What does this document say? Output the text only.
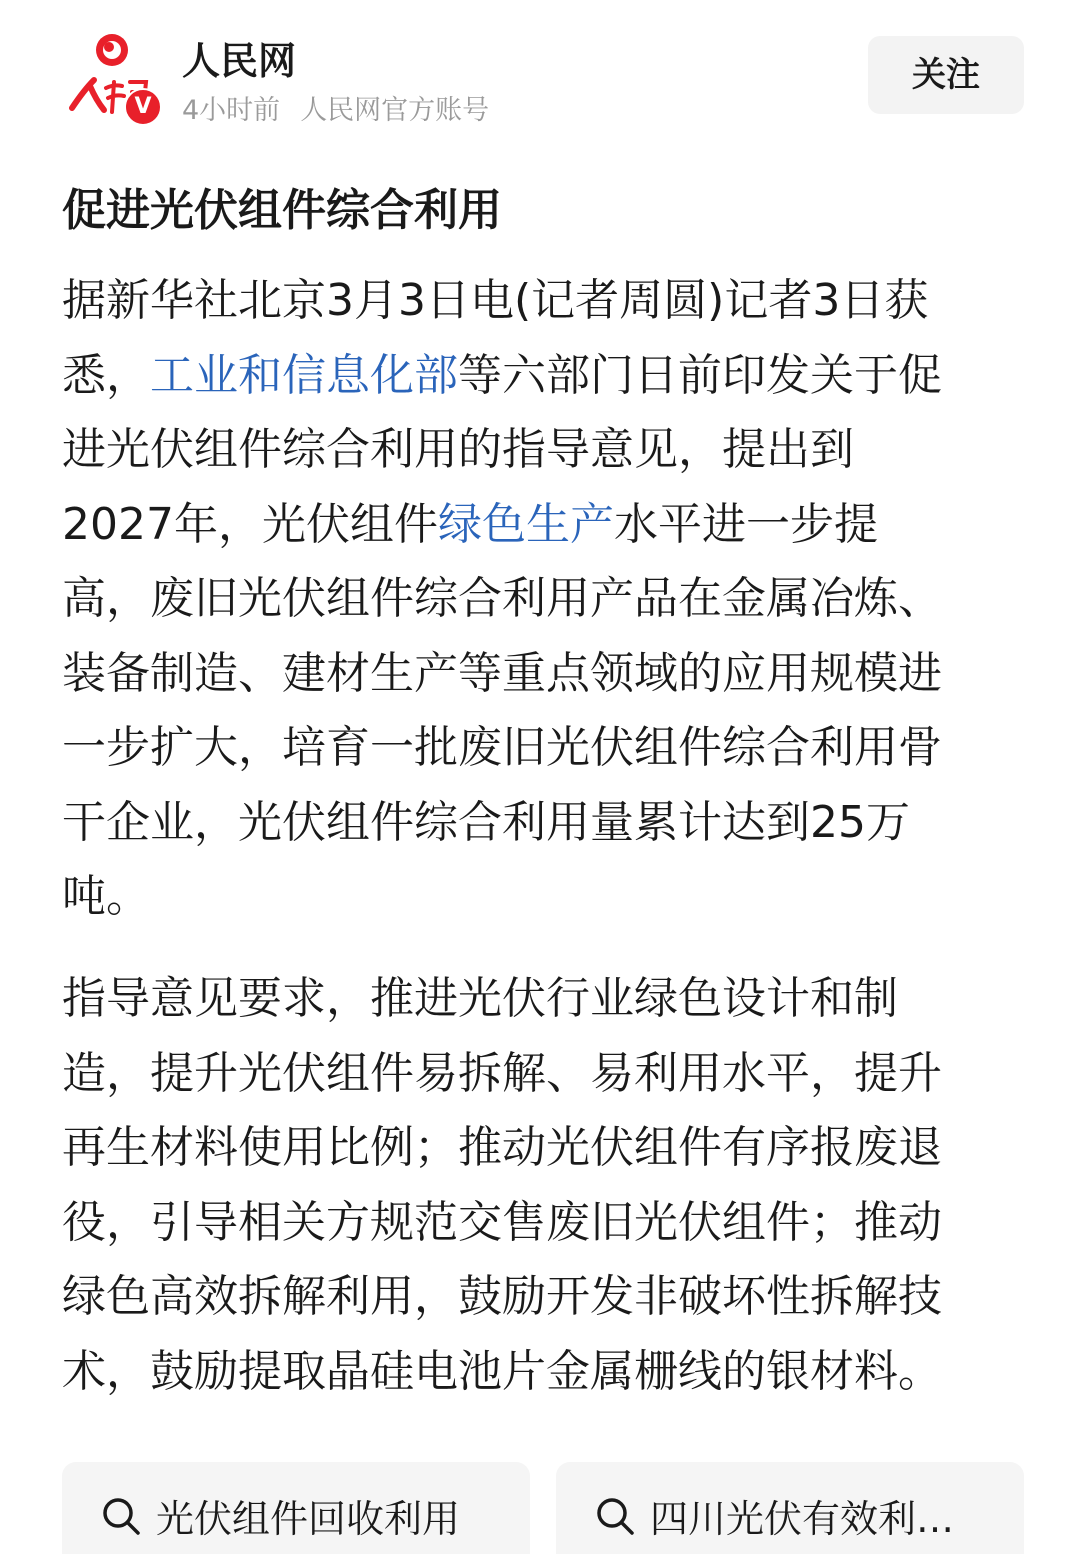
V
人民网
4小时前 人民网官方账号
关注
促进光伏组件综合利用
据新华社北京3月3日电(记者周圆)记者3日获
悉，工业和信息化部等六部门日前印发关于促
进光伏组件综合利用的指导意见，提出到
2027年，光伏组件绿色生产水平进一步提
高，废旧光伏组件综合利用产品在金属冶炼、
装备制造、建材生产等重点领域的应用规模进
一步扩大，培育一批废旧光伏组件综合利用骨
干企业，光伏组件综合利用量累计达到25万
吨。
指导意见要求，推进光伏行业绿色设计和制
造，提升光伏组件易拆解、易利用水平，提升
再生材料使用比例；推动光伏组件有序报废退
役，引导相关方规范交售废旧光伏组件；推动
绿色高效拆解利用，鼓励开发非破坏性拆解技
术，鼓励提取晶硅电池片金属栅线的银材料。
光伏组件回收利用	四川光伏有效利…
